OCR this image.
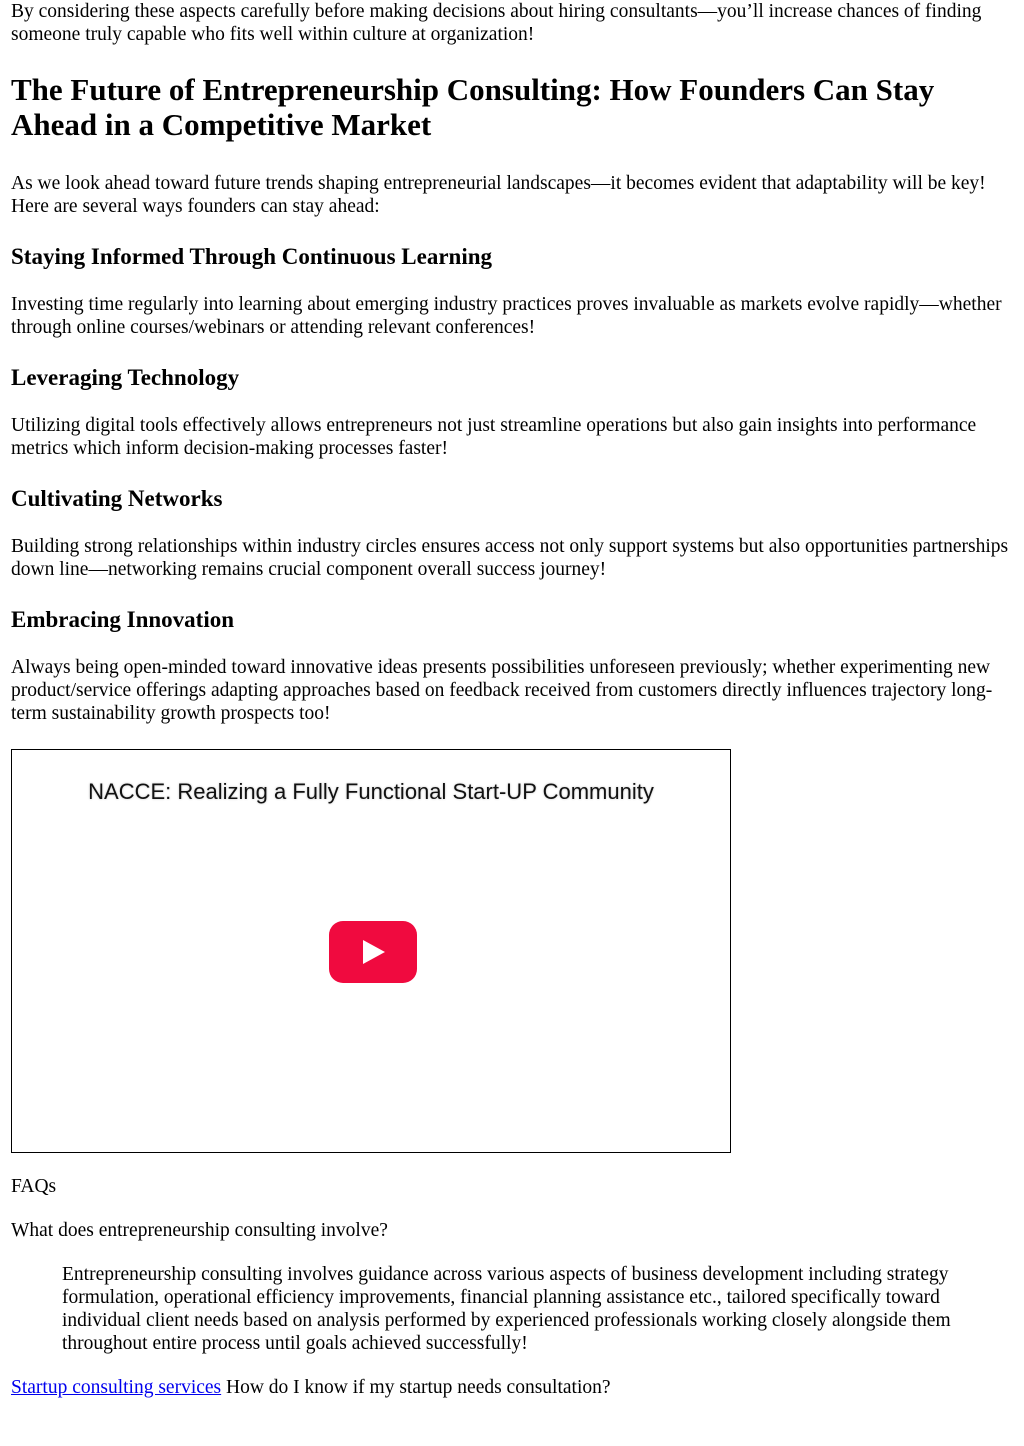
By considering these aspects carefully before making decisions about hiring consultants—you’ll increase chances of finding someone truly capable who fits well within culture at organization!

The Future of Entrepreneurship Consulting: How Founders Can Stay Ahead in a Competitive Market

As we look ahead toward future trends shaping entrepreneurial landscapes—it becomes evident that adaptability will be key! Here are several ways founders can stay ahead:

Staying Informed Through Continuous Learning

Investing time regularly into learning about emerging industry practices proves invaluable as markets evolve rapidly—whether through online courses/webinars or attending relevant conferences!

Leveraging Technology

Utilizing digital tools effectively allows entrepreneurs not just streamline operations but also gain insights into performance metrics which inform decision-making processes faster!

Cultivating Networks

Building strong relationships within industry circles ensures access not only support systems but also opportunities partnerships down line—networking remains crucial component overall success journey!

Embracing Innovation

Always being open-minded toward innovative ideas presents possibilities unforeseen previously; whether experimenting new product/service offerings adapting approaches based on feedback received from customers directly influences trajectory long-term sustainability growth prospects too!

NACCE: Realizing a Fully Functional Start-UP Community

FAQs

What does entrepreneurship consulting involve?

Entrepreneurship consulting involves guidance across various aspects of business development including strategy formulation, operational efficiency improvements, financial planning assistance etc., tailored specifically toward individual client needs based on analysis performed by experienced professionals working closely alongside them throughout entire process until goals achieved successfully!

Startup consulting services How do I know if my startup needs consultation?
